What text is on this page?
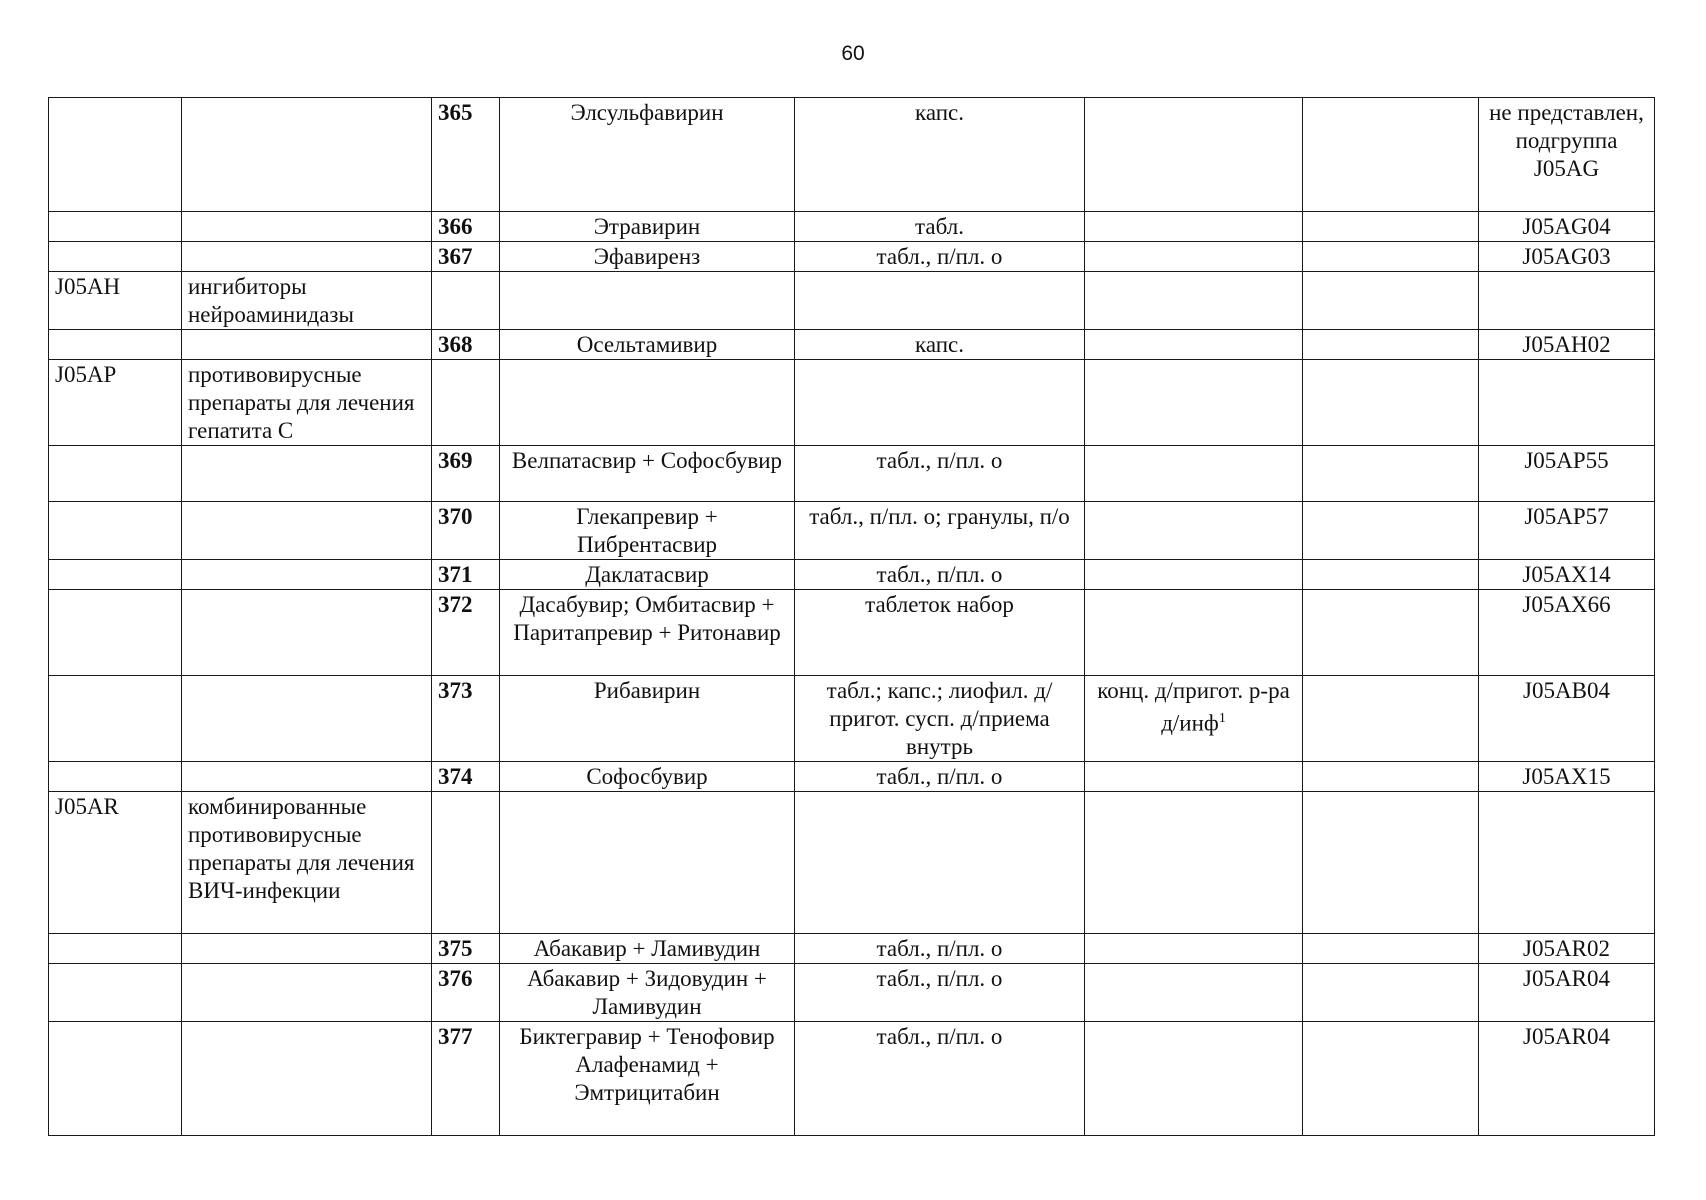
60
		365	Элсульфавирин	капс.			не представлен, подгруппа J05AG
		366	Этравирин	табл.			J05AG04
		367	Эфавиренз	табл., п/пл. о			J05AG03
J05AH	ингибиторы нейроаминидазы						
		368	Осельтамивир	капс.			J05AH02
J05AP	противовирусные препараты для лечения гепатита С						
		369	Велпатасвир + Софосбувир	табл., п/пл. о			J05AP55
		370	Глекапревир + Пибрентасвир	табл., п/пл. о; гранулы, п/о			J05AP57
		371	Даклатасвир	табл., п/пл. о			J05AX14
		372	Дасабувир; Омбитасвир + Паритапревир + Ритонавир	таблеток набор			J05AX66
		373	Рибавирин	табл.; капс.; лиофил. д/пригот. сусп. д/приема внутрь	конц. д/пригот. р-ра д/инф$^1$		J05AB04
		374	Софосбувир	табл., п/пл. о			J05AX15
J05AR	комбинированные противовирусные препараты для лечения ВИЧ-инфекции						
		375	Абакавир + Ламивудин	табл., п/пл. о			J05AR02
		376	Абакавир + Зидовудин + Ламивудин	табл., п/пл. о			J05AR04
		377	Биктегравир + Тенофовир Алафенамид + Эмтрицитабин	табл., п/пл. о			J05AR04
